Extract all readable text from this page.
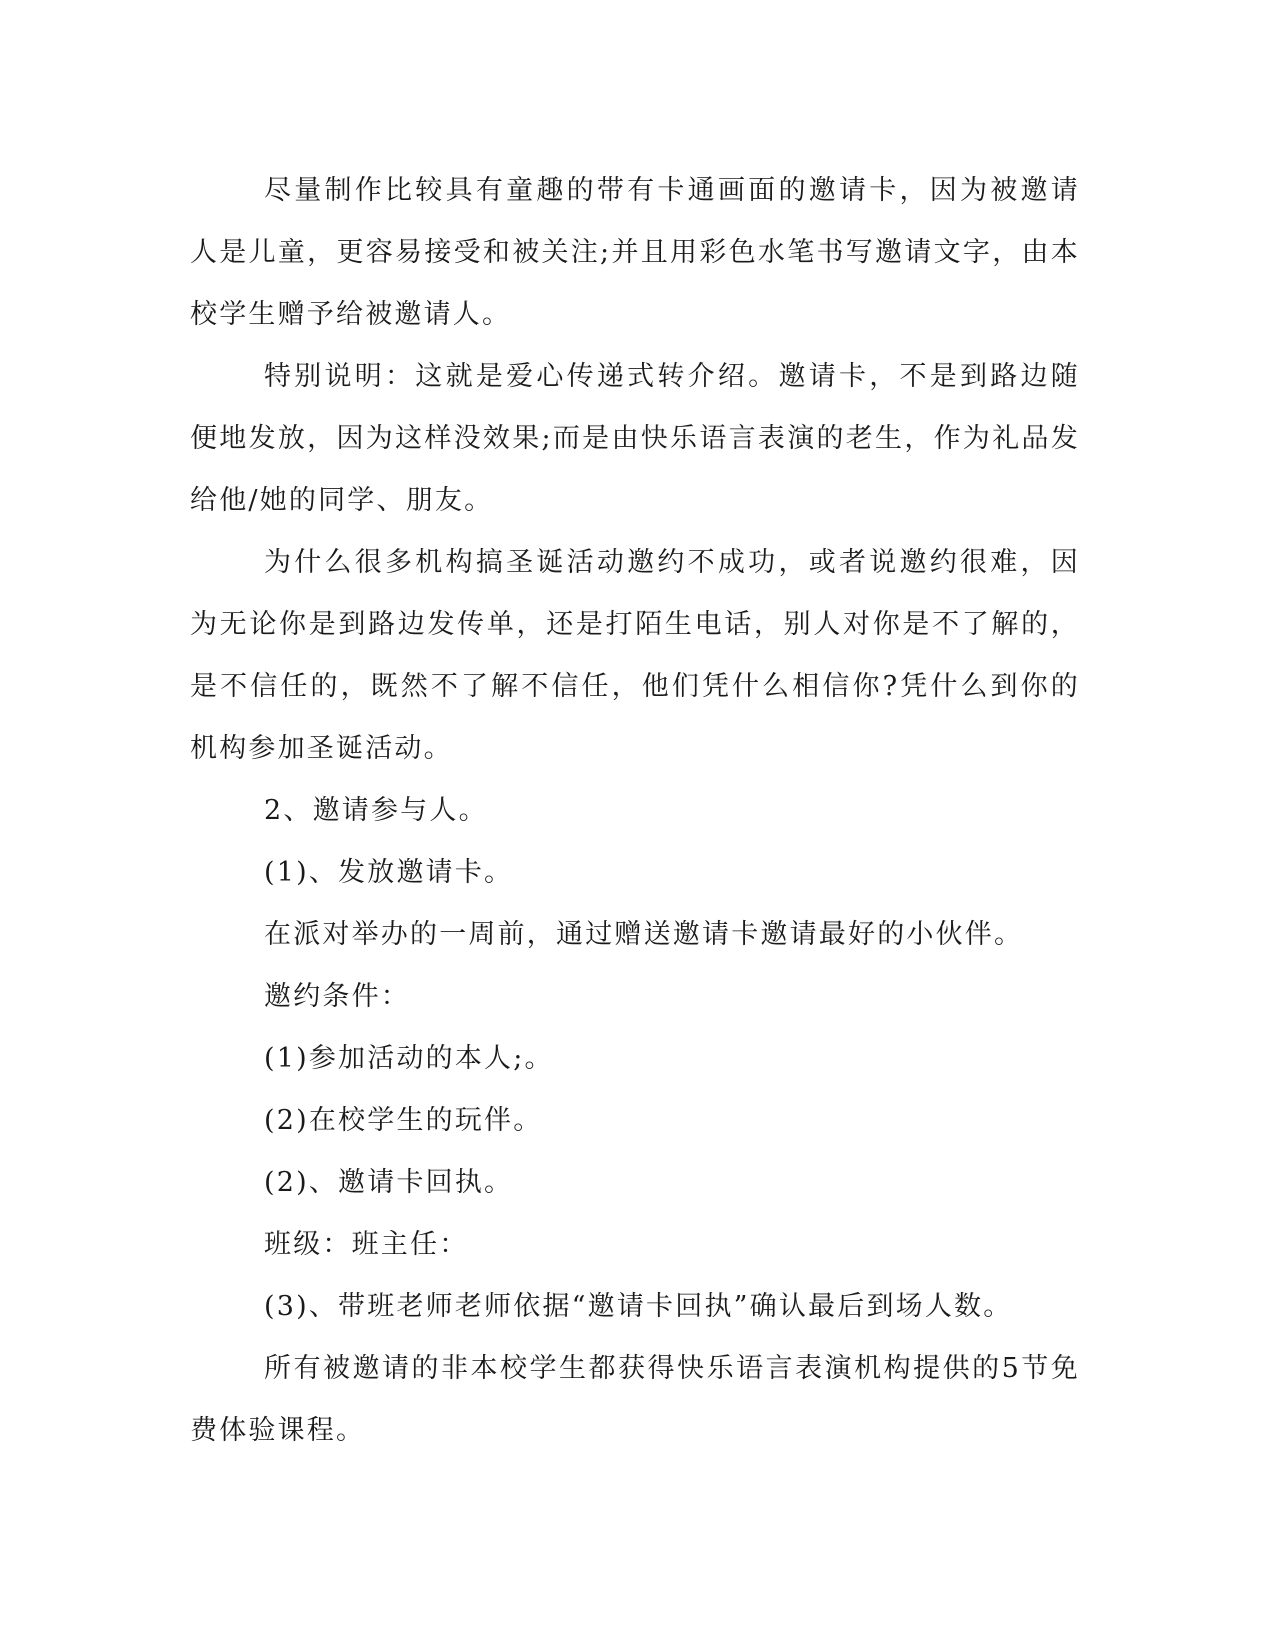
尽量制作比较具有童趣的带有卡通画面的邀请卡，因为被邀请人是儿童，更容易接受和被关注;并且用彩色水笔书写邀请文字，由本校学生赠予给被邀请人。

特别说明：这就是爱心传递式转介绍。邀请卡，不是到路边随便地发放，因为这样没效果;而是由快乐语言表演的老生，作为礼品发给他/她的同学、朋友。

为什么很多机构搞圣诞活动邀约不成功，或者说邀约很难，因为无论你是到路边发传单，还是打陌生电话，别人对你是不了解的，是不信任的，既然不了解不信任，他们凭什么相信你?凭什么到你的机构参加圣诞活动。

2、邀请参与人。

(1)、发放邀请卡。

在派对举办的一周前，通过赠送邀请卡邀请最好的小伙伴。

邀约条件：

(1)参加活动的本人;。

(2)在校学生的玩伴。

(2)、邀请卡回执。

班级：班主任：

(3)、带班老师老师依据“邀请卡回执”确认最后到场人数。

所有被邀请的非本校学生都获得快乐语言表演机构提供的5节免费体验课程。
